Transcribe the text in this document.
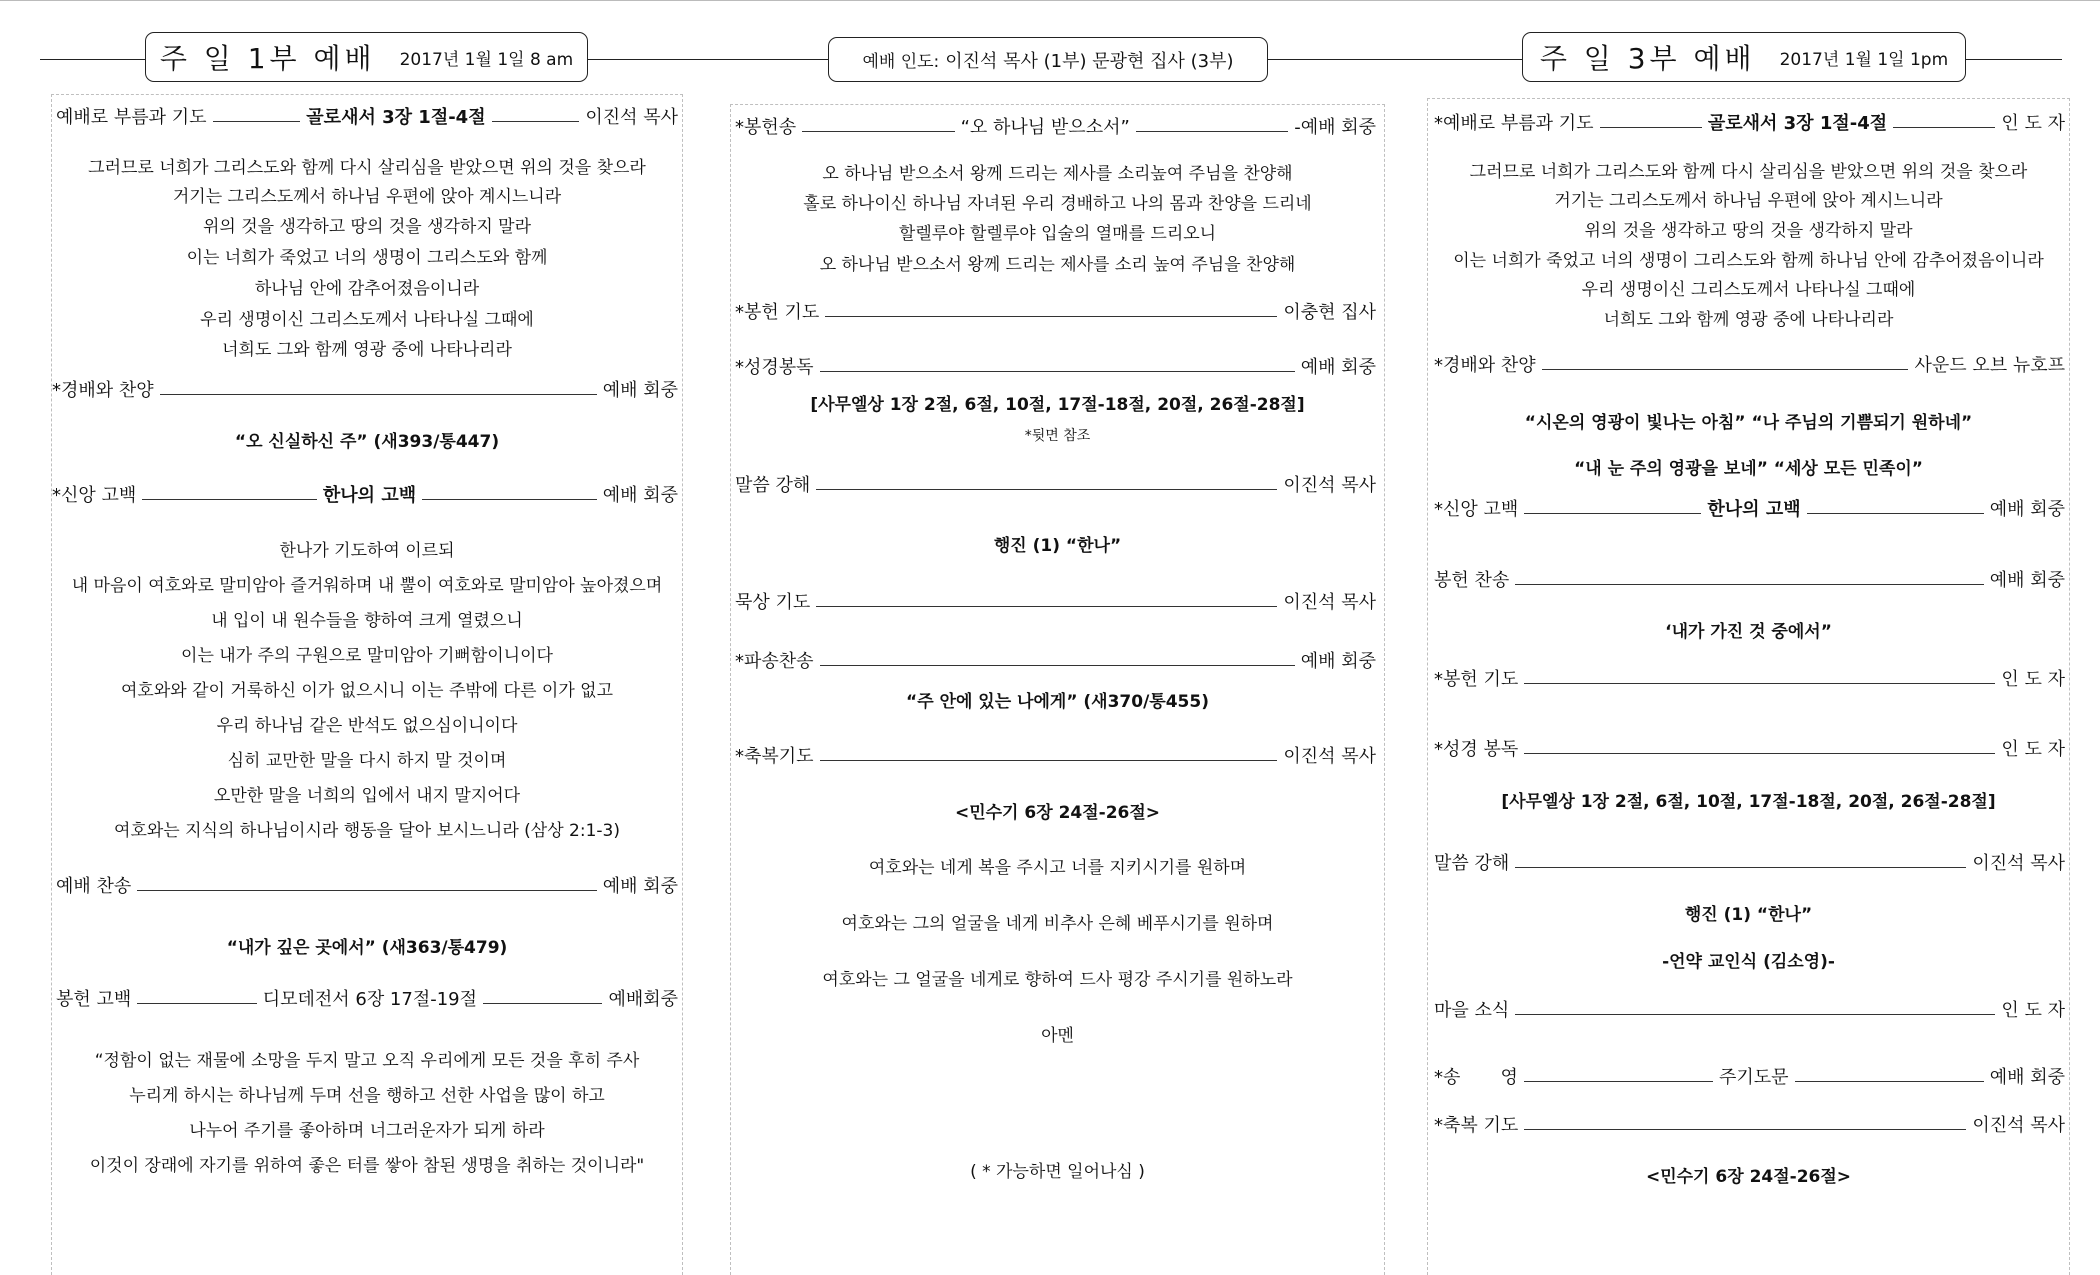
주 일 1부 예배 2017년 1월 1일 8 am	예배 인도: 이진석 목사 (1부) 문광현 집사 (3부)	주 일 3부 예배 2017년 1월 1일 1pm
예배로 부름과 기도	골로새서 3장 1절-4절	이진석 목사
그러므로 너희가 그리스도와 함께 다시 살리심을 받았으면 위의 것을 찾으라
거기는 그리스도께서 하나님 우편에 앉아 계시느니라
위의 것을 생각하고 땅의 것을 생각하지 말라
이는 너희가 죽었고 너의 생명이 그리스도와 함께
하나님 안에 감추어졌음이니라
우리 생명이신 그리스도께서 나타나실 그때에
너희도 그와 함께 영광 중에 나타나리라
*경배와 찬양	예배 회중
“오 신실하신 주” (새393/통447)
*신앙 고백	한나의 고백	예배 회중
한나가 기도하여 이르되
내 마음이 여호와로 말미암아 즐거워하며 내 뿔이 여호와로 말미암아 높아졌으며
내 입이 내 원수들을 향하여 크게 열렸으니
이는 내가 주의 구원으로 말미암아 기뻐함이니이다
여호와와 같이 거룩하신 이가 없으시니 이는 주밖에 다른 이가 없고
우리 하나님 같은 반석도 없으심이니이다
심히 교만한 말을 다시 하지 말 것이며
오만한 말을 너희의 입에서 내지 말지어다
여호와는 지식의 하나님이시라 행동을 달아 보시느니라 (삼상 2:1-3)
예배 찬송	예배 회중
“내가 깊은 곳에서” (새363/통479)
봉헌 고백	디모데전서 6장 17절-19절	예배회중
“정함이 없는 재물에 소망을 두지 말고 오직 우리에게 모든 것을 후히 주사
누리게 하시는 하나님께 두며 선을 행하고 선한 사업을 많이 하고
나누어 주기를 좋아하며 너그러운자가 되게 하라
이것이 장래에 자기를 위하여 좋은 터를 쌓아 참된 생명을 취하는 것이니라"
*봉헌송	“오 하나님 받으소서”	-예배 회중
오 하나님 받으소서 왕께 드리는 제사를 소리높여 주님을 찬양해
홀로 하나이신 하나님 자녀된 우리 경배하고 나의 몸과 찬양을 드리네
할렐루야 할렐루야 입술의 열매를 드리오니
오 하나님 받으소서 왕께 드리는 제사를 소리 높여 주님을 찬양해
*봉헌 기도	이충현 집사
*성경봉독	예배 회중
[사무엘상 1장 2절, 6절, 10절, 17절-18절, 20절, 26절-28절]
*뒷면 참조
말씀 강해	이진석 목사
행진 (1) “한나”
묵상 기도	이진석 목사
*파송찬송	예배 회중
“주 안에 있는 나에게” (새370/통455)
*축복기도	이진석 목사
<민수기 6장 24절-26절>
여호와는 네게 복을 주시고 너를 지키시기를 원하며
여호와는 그의 얼굴을 네게 비추사 은혜 베푸시기를 원하며
여호와는 그 얼굴을 네게로 향하여 드사 평강 주시기를 원하노라
아멘
( * 가능하면 일어나심 )
*예배로 부름과 기도	골로새서 3장 1절-4절	인 도 자
그러므로 너희가 그리스도와 함께 다시 살리심을 받았으면 위의 것을 찾으라
거기는 그리스도께서 하나님 우편에 앉아 계시느니라
위의 것을 생각하고 땅의 것을 생각하지 말라
이는 너희가 죽었고 너의 생명이 그리스도와 함께 하나님 안에 감추어졌음이니라
우리 생명이신 그리스도께서 나타나실 그때에
너희도 그와 함께 영광 중에 나타나리라
*경배와 찬양	사운드 오브 뉴호프
“시온의 영광이 빛나는 아침” “나 주님의 기쁨되기 원하네”
“내 눈 주의 영광을 보네” “세상 모든 민족이”
*신앙 고백	한나의 고백	예배 회중
봉헌 찬송	예배 회중
‘내가 가진 것 중에서”
*봉헌 기도	인 도 자
*성경 봉독	인 도 자
[사무엘상 1장 2절, 6절, 10절, 17절-18절, 20절, 26절-28절]
말씀 강해	이진석 목사
행진 (1) “한나”
-언약 교인식 (김소영)-
마을 소식	인 도 자
*송       영	주기도문	예배 회중
*축복 기도	이진석 목사
<민수기 6장 24절-26절>
